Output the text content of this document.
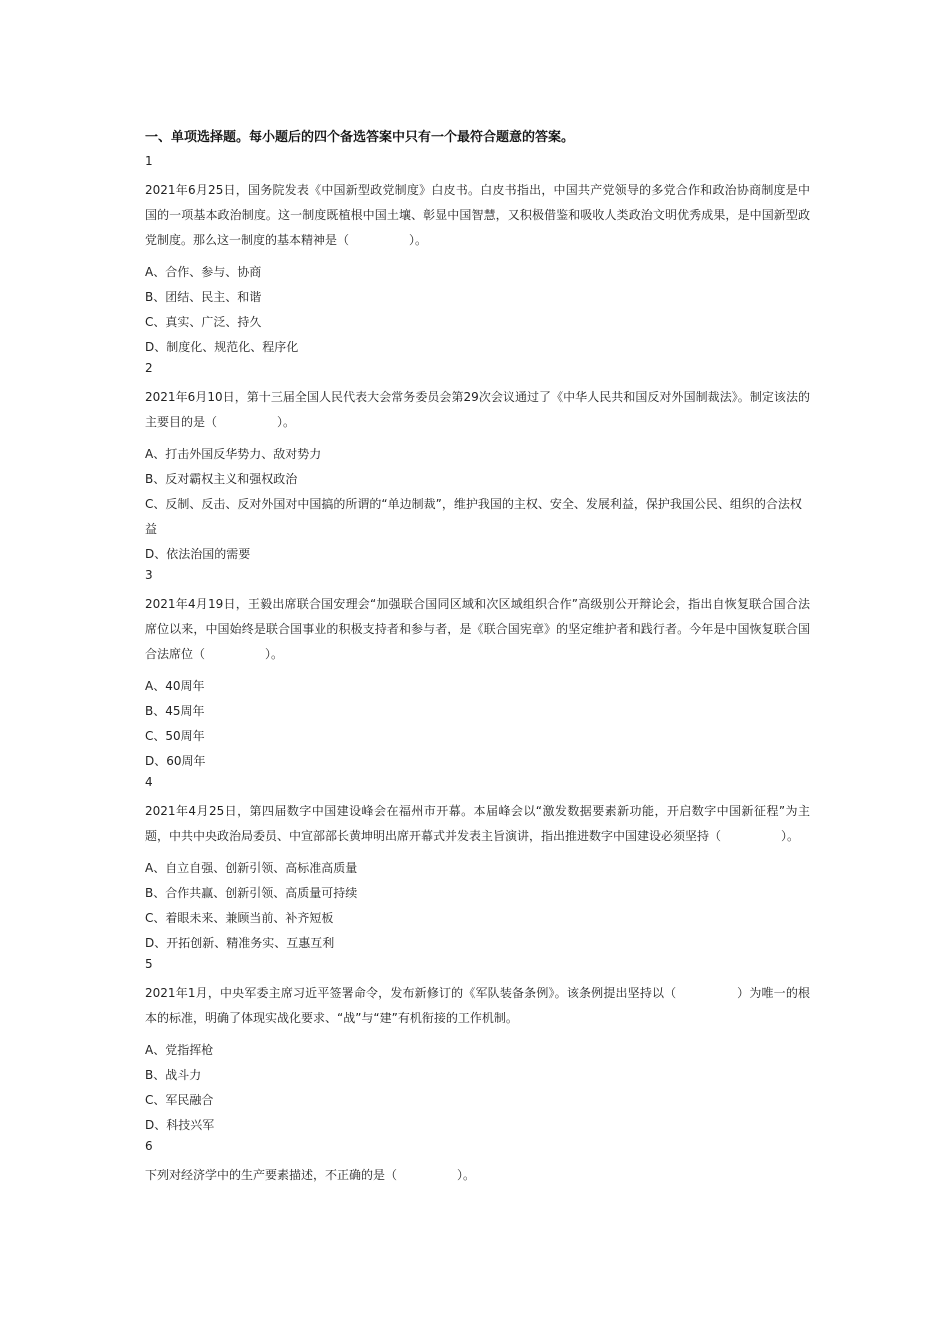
一、单项选择题。每小题后的四个备选答案中只有一个最符合题意的答案。
1
2021年6月25日，国务院发表《中国新型政党制度》白皮书。白皮书指出，中国共产党领导的多党合作和政治协商制度是中国的一项基本政治制度。这一制度既植根中国土壤、彰显中国智慧，又积极借鉴和吸收人类政治文明优秀成果，是中国新型政党制度。那么这一制度的基本精神是（　　　　　）。
A、合作、参与、协商
B、团结、民主、和谐
C、真实、广泛、持久
D、制度化、规范化、程序化
2
2021年6月10日，第十三届全国人民代表大会常务委员会第29次会议通过了《中华人民共和国反对外国制裁法》。制定该法的主要目的是（　　　　　）。
A、打击外国反华势力、敌对势力
B、反对霸权主义和强权政治
C、反制、反击、反对外国对中国搞的所谓的“单边制裁”，维护我国的主权、安全、发展利益，保护我国公民、组织的合法权益
D、依法治国的需要
3
2021年4月19日，王毅出席联合国安理会“加强联合国同区域和次区域组织合作”高级别公开辩论会，指出自恢复联合国合法席位以来，中国始终是联合国事业的积极支持者和参与者，是《联合国宪章》的坚定维护者和践行者。今年是中国恢复联合国合法席位（　　　　　）。
A、40周年
B、45周年
C、50周年
D、60周年
4
2021年4月25日，第四届数字中国建设峰会在福州市开幕。本届峰会以“激发数据要素新功能，开启数字中国新征程”为主题，中共中央政治局委员、中宣部部长黄坤明出席开幕式并发表主旨演讲，指出推进数字中国建设必须坚持（　　　　　）。
A、自立自强、创新引领、高标准高质量
B、合作共赢、创新引领、高质量可持续
C、着眼未来、兼顾当前、补齐短板
D、开拓创新、精准务实、互惠互利
5
2021年1月，中央军委主席习近平签署命令，发布新修订的《军队装备条例》。该条例提出坚持以（　　　　　）为唯一的根本的标准，明确了体现实战化要求、“战”与“建”有机衔接的工作机制。
A、党指挥枪
B、战斗力
C、军民融合
D、科技兴军
6
下列对经济学中的生产要素描述，不正确的是（　　　　　）。
